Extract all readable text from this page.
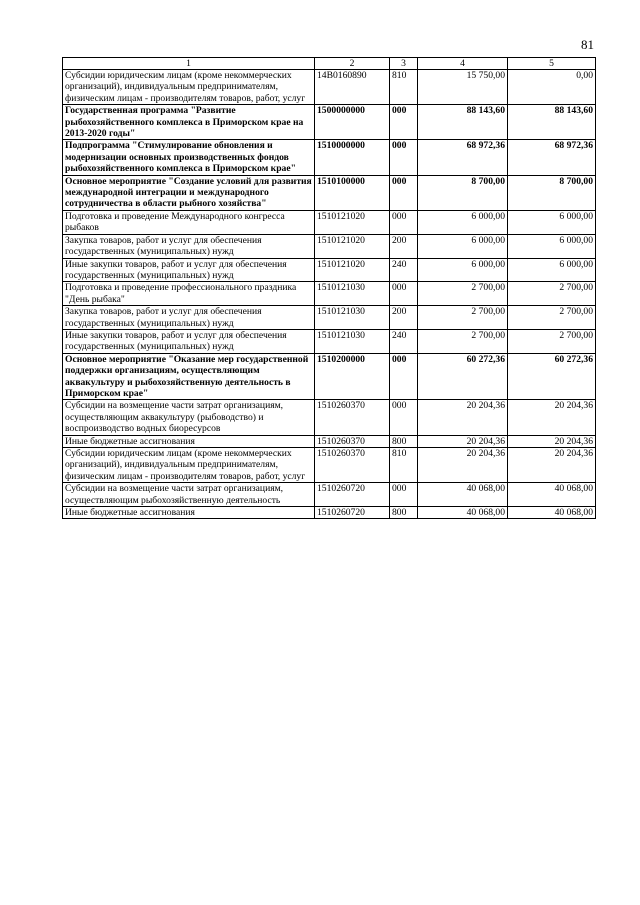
81
1	2	3	4	5
Субсидии юридическим лицам (кроме некоммерческих организаций), индивидуальным предпринимателям, физическим лицам - производителям товаров, работ, услуг	14В0160890	810	15 750,00	0,00
Государственная программа "Развитие рыбохозяйственного комплекса в Приморском крае на 2013-2020 годы"	1500000000	000	88 143,60	88 143,60
Подпрограмма "Стимулирование обновления и модернизации основных производственных фондов рыбохозяйственного комплекса в Приморском крае"	1510000000	000	68 972,36	68 972,36
Основное мероприятие "Создание условий для развития международной интеграции и международного сотрудничества в области рыбного хозяйства"	1510100000	000	8 700,00	8 700,00
Подготовка и проведение Международного конгресса рыбаков	1510121020	000	6 000,00	6 000,00
Закупка товаров, работ и услуг для обеспечения государственных (муниципальных) нужд	1510121020	200	6 000,00	6 000,00
Иные закупки товаров, работ и услуг для обеспечения государственных (муниципальных) нужд	1510121020	240	6 000,00	6 000,00
Подготовка и проведение профессионального праздника "День рыбака"	1510121030	000	2 700,00	2 700,00
Закупка товаров, работ и услуг для обеспечения государственных (муниципальных) нужд	1510121030	200	2 700,00	2 700,00
Иные закупки товаров, работ и услуг для обеспечения государственных (муниципальных) нужд	1510121030	240	2 700,00	2 700,00
Основное мероприятие "Оказание мер государственной поддержки организациям, осуществляющим аквакультуру и рыбохозяйственную деятельность в Приморском крае"	1510200000	000	60 272,36	60 272,36
Субсидии на возмещение части затрат организациям, осуществляющим аквакультуру (рыбоводство) и воспроизводство водных биоресурсов	1510260370	000	20 204,36	20 204,36
Иные бюджетные ассигнования	1510260370	800	20 204,36	20 204,36
Субсидии юридическим лицам (кроме некоммерческих организаций), индивидуальным предпринимателям, физическим лицам - производителям товаров, работ, услуг	1510260370	810	20 204,36	20 204,36
Субсидии на возмещение части затрат организациям, осуществляющим рыбохозяйственную деятельность	1510260720	000	40 068,00	40 068,00
Иные бюджетные ассигнования	1510260720	800	40 068,00	40 068,00
